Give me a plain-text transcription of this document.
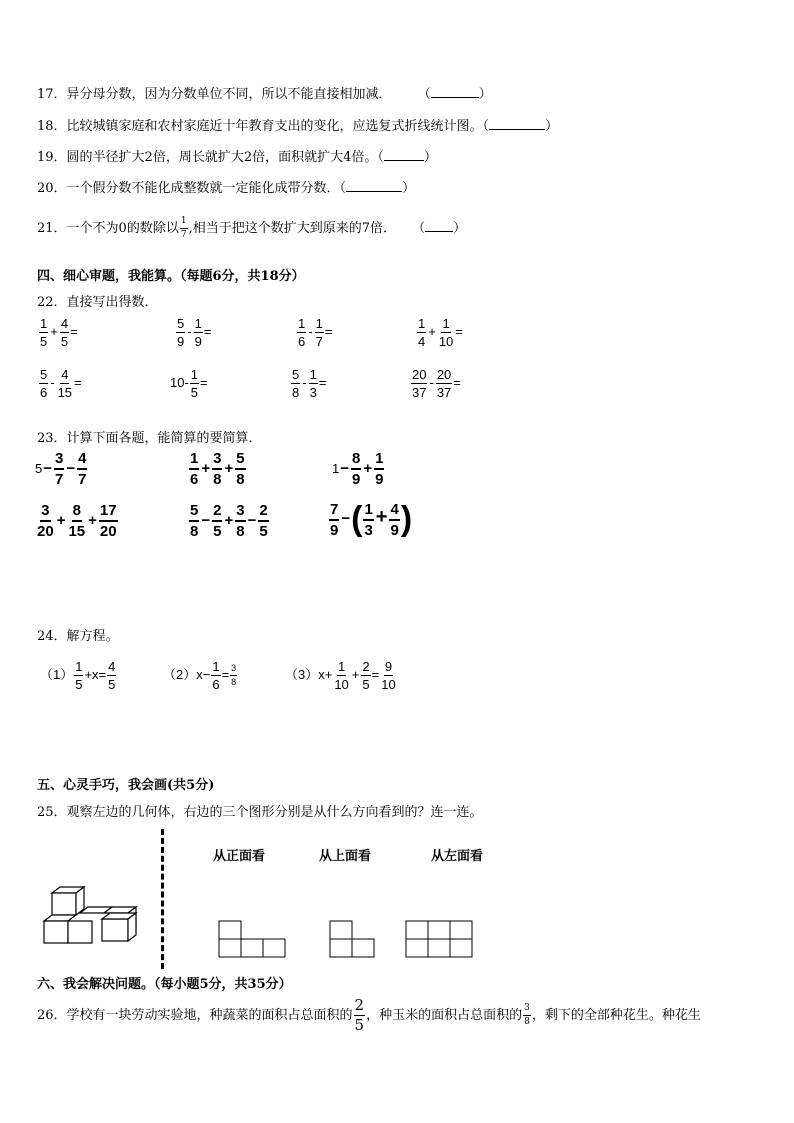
17．异分母分数，因为分数单位不同，所以不能直接相加减． （	）
18．比较城镇家庭和农村家庭近十年教育支出的变化，应选复式折线统计图。（	）
19．圆的半径扩大2倍，周长就扩大2倍，面积就扩大4倍。（	）
20．一个假分数不能化成整数就一定能化成带分数．（	）
21．一个不为0的数除以 $\frac{1}{7}$ ,相当于把这个数扩大到原来的7倍． （ ）
四、细心审题，我能算。（每题6分，共18分）
22．直接写出得数．
$\frac{1}{5} + \frac{4}{5}$ =	$\frac{5}{9} - \frac{1}{9}$ =	$\frac{1}{6} - \frac{1}{7}$ =	$\frac{1}{4} + \frac{1}{10}$ =
$\frac{5}{6} - \frac{4}{15}$ =	$10- \frac{1}{5}$ =	$\frac{5}{8} - \frac{1}{3}$ =	$\frac{20}{37} - \frac{20}{37}$ =
23．计算下面各题，能简算的要简算．
$5- \frac{3}{7} - \frac{4}{7}$	$\frac{1}{6} + \frac{3}{8} + \frac{5}{8}$	$1- \frac{8}{9} + \frac{1}{9}$
$\frac{3}{20} + \frac{8}{15} + \frac{17}{20}$	$\frac{5}{8} - \frac{2}{5} + \frac{3}{8} - \frac{2}{5}$	$\frac{7}{9}$ −( $\frac{1}{3} + \frac{4}{9}$ )
24．解方程。
$(1) \frac{1}{5} +x= \frac{4}{5}$	$(2)x- \frac{1}{6} = \frac{3}{8}$	$(3)x+ \frac{1}{10} + \frac{2}{5} = \frac{9}{10}$
五、心灵手巧，我会画(共5分)
25．观察左边的几何体，右边的三个图形分别是从什么方向看到的？连一连。
从正面看	从上面看	从左面看
六、我会解决问题。（每小题5分，共35分）
26．学校有一块劳动实验地，种蔬菜的面积占总面积的 $\frac{2}{5}$ ，种玉米的面积占总面积的 $\frac{3}{8}$ ，剩下的全部种花生。种花生
